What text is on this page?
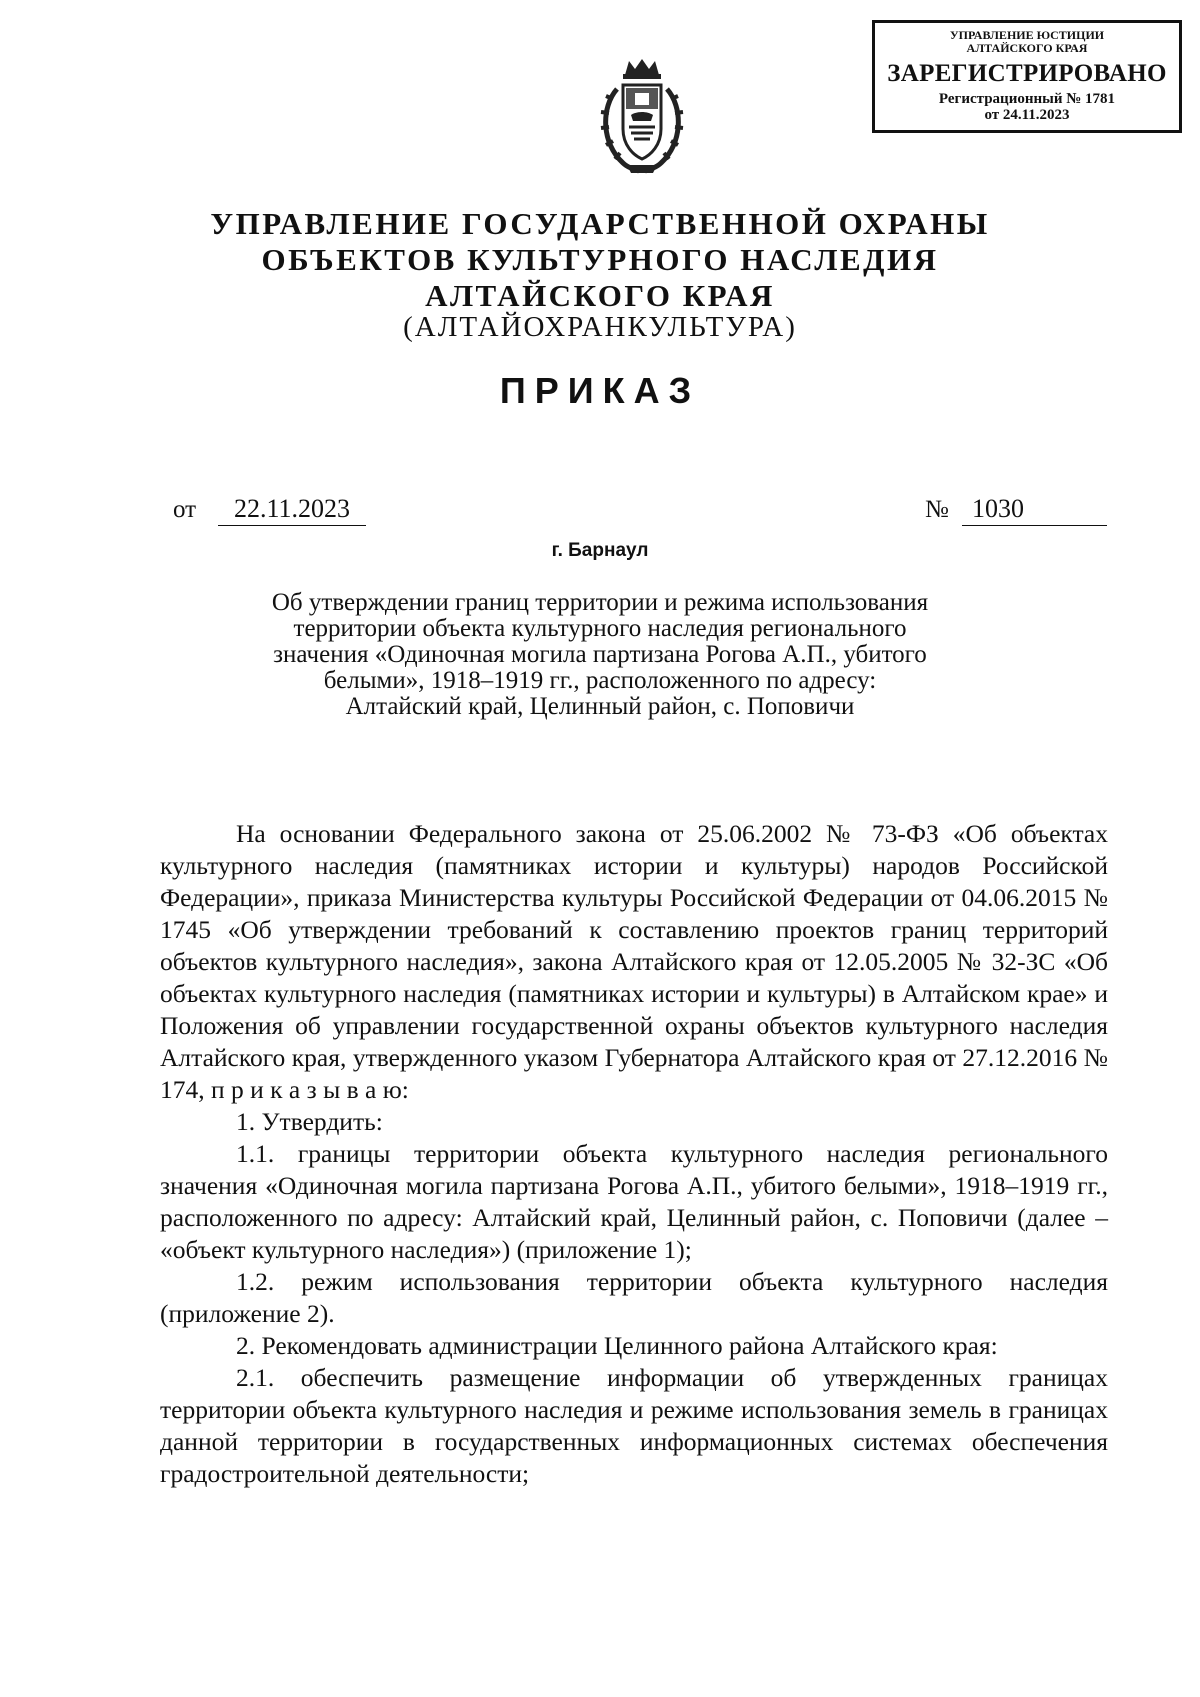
УПРАВЛЕНИЕ ЮСТИЦИИ
АЛТАЙСКОГО КРАЯ
ЗАРЕГИСТРИРОВАНО
Регистрационный № 1781
от 24.11.2023
УПРАВЛЕНИЕ ГОСУДАРСТВЕННОЙ ОХРАНЫ
ОБЪЕКТОВ КУЛЬТУРНОГО НАСЛЕДИЯ
АЛТАЙСКОГО КРАЯ
(АЛТАЙОХРАНКУЛЬТУРА)
ПРИКАЗ
от	22.11.2023	№ 1030
г. Барнаул
Об утверждении границ территории и режима использования
территории объекта культурного наследия регионального
значения «Одиночная могила партизана Рогова А.П., убитого
белыми», 1918–1919 гг., расположенного по адресу:
Алтайский край, Целинный район, с. Поповичи

На основании Федерального закона от 25.06.2002 № 73-ФЗ «Об объектах культурного наследия (памятниках истории и культуры) народов Российской Федерации», приказа Министерства культуры Российской Федерации от 04.06.2015 № 1745 «Об утверждении требований к составлению проектов границ территорий объектов культурного наследия», закона Алтайского края от 12.05.2005 № 32-ЗС «Об объектах культурного наследия (памятниках истории и культуры) в Алтайском крае» и Положения об управлении государственной охраны объектов культурного наследия Алтайского края, утвержденного указом Губернатора Алтайского края от 27.12.2016 № 174, п р и к а з ы в а ю:

1. Утвердить:

1.1. границы территории объекта культурного наследия регионального значения «Одиночная могила партизана Рогова А.П., убитого белыми», 1918–1919 гг., расположенного по адресу: Алтайский край, Целинный район, с. Поповичи (далее – «объект культурного наследия») (приложение 1);

1.2. режим использования территории объекта культурного наследия (приложение 2).

2. Рекомендовать администрации Целинного района Алтайского края:

2.1. обеспечить размещение информации об утвержденных границах территории объекта культурного наследия и режиме использования земель в границах данной территории в государственных информационных системах обеспечения градостроительной деятельности;
